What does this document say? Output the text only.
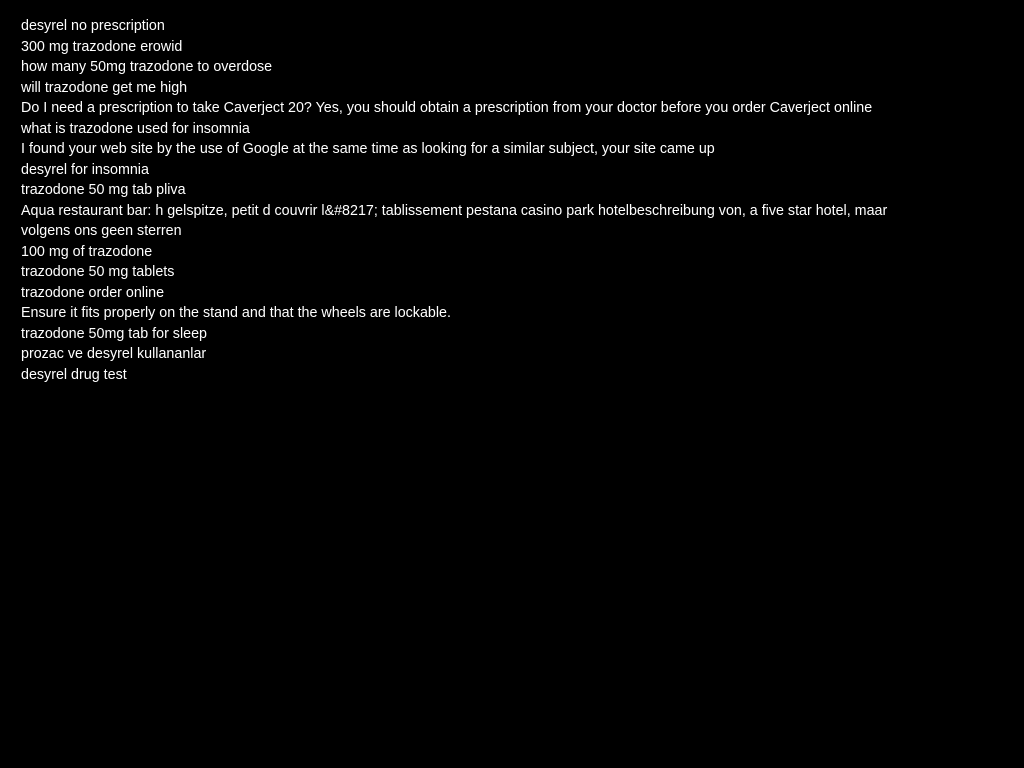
desyrel no prescription
300 mg trazodone erowid
how many 50mg trazodone to overdose
will trazodone get me high
Do I need a prescription to take Caverject 20? Yes, you should obtain a prescription from your doctor before you order Caverject online
what is trazodone used for insomnia
I found your web site by the use of Google at the same time as looking for a similar subject, your site came up
desyrel for insomnia
trazodone 50 mg tab pliva
Aqua restaurant bar: h gelspitze, petit d couvrir l&#8217; tablissement pestana casino park hotelbeschreibung von, a five star hotel, maar
volgens ons geen sterren
100 mg of trazodone
trazodone 50 mg tablets
trazodone order online
Ensure it fits properly on the stand and that the wheels are lockable.
trazodone 50mg tab for sleep
prozac ve desyrel kullananlar
desyrel drug test
